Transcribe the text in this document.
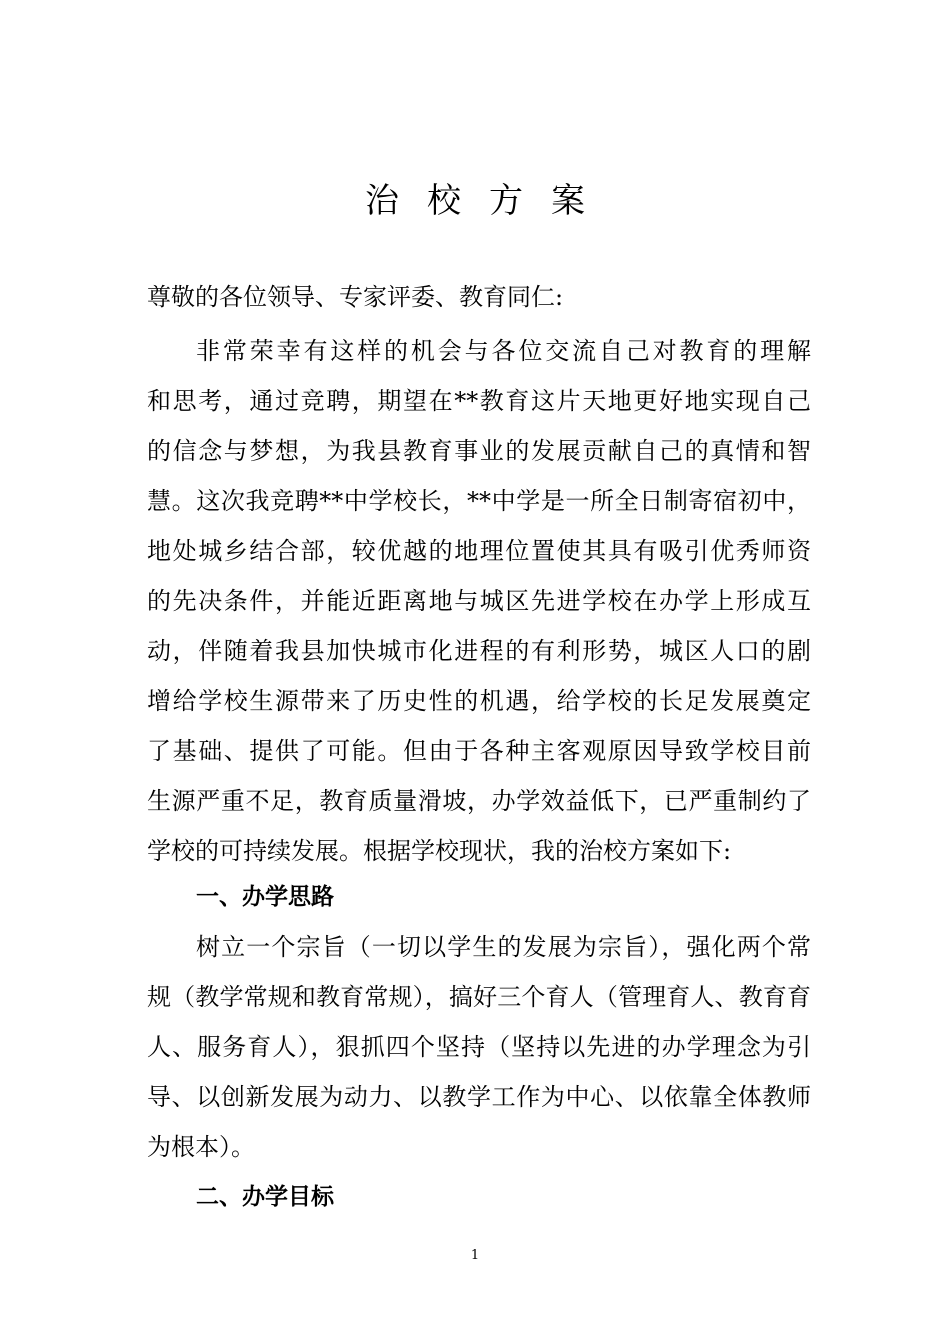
治校方案
尊敬的各位领导、专家评委、教育同仁:
非常荣幸有这样的机会与各位交流自己对教育的理解
和思考，通过竞聘，期望在**教育这片天地更好地实现自己
的信念与梦想，为我县教育事业的发展贡献自己的真情和智
慧。这次我竞聘**中学校长，**中学是一所全日制寄宿初中，
地处城乡结合部，较优越的地理位置使其具有吸引优秀师资
的先决条件，并能近距离地与城区先进学校在办学上形成互
动，伴随着我县加快城市化进程的有利形势，城区人口的剧
增给学校生源带来了历史性的机遇，给学校的长足发展奠定
了基础、提供了可能。但由于各种主客观原因导致学校目前
生源严重不足，教育质量滑坡，办学效益低下，已严重制约了
学校的可持续发展。根据学校现状，我的治校方案如下:
一、办学思路
树立一个宗旨（一切以学生的发展为宗旨），强化两个常
规（教学常规和教育常规），搞好三个育人（管理育人、教育育
人、服务育人），狠抓四个坚持（坚持以先进的办学理念为引
导、以创新发展为动力、以教学工作为中心、以依靠全体教师
为根本）。
二、办学目标
1
